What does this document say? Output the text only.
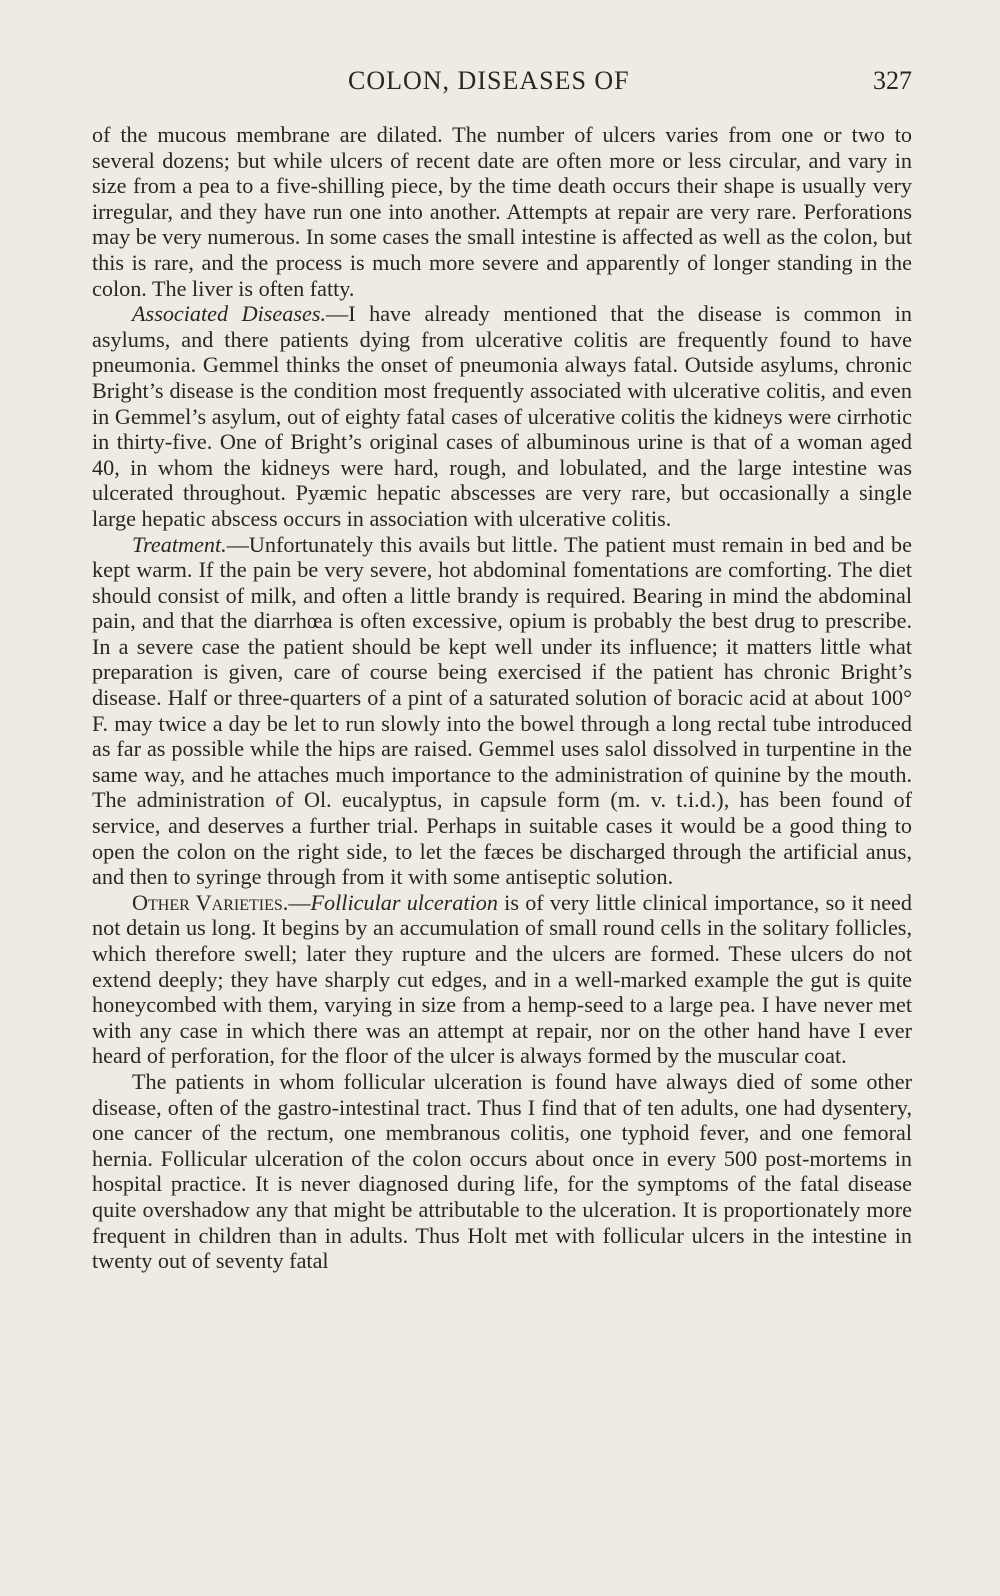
COLON, DISEASES OF	327

of the mucous membrane are dilated. The number of ulcers varies from one or two to several dozens; but while ulcers of recent date are often more or less circular, and vary in size from a pea to a five-shilling piece, by the time death occurs their shape is usually very irregular, and they have run one into another. Attempts at repair are very rare. Perforations may be very numerous. In some cases the small intestine is affected as well as the colon, but this is rare, and the process is much more severe and apparently of longer standing in the colon. The liver is often fatty.

Associated Diseases.—I have already mentioned that the disease is common in asylums, and there patients dying from ulcerative colitis are frequently found to have pneumonia. Gemmel thinks the onset of pneumonia always fatal. Outside asylums, chronic Bright’s disease is the condition most frequently associated with ulcerative colitis, and even in Gemmel’s asylum, out of eighty fatal cases of ulcerative colitis the kidneys were cirrhotic in thirty-five. One of Bright’s original cases of albuminous urine is that of a woman aged 40, in whom the kidneys were hard, rough, and lobulated, and the large intestine was ulcerated throughout. Pyæmic hepatic abscesses are very rare, but occasionally a single large hepatic abscess occurs in association with ulcerative colitis.

Treatment.—Unfortunately this avails but little. The patient must remain in bed and be kept warm. If the pain be very severe, hot abdominal fomentations are comforting. The diet should consist of milk, and often a little brandy is required. Bearing in mind the abdominal pain, and that the diarrhœa is often excessive, opium is probably the best drug to prescribe. In a severe case the patient should be kept well under its influence; it matters little what preparation is given, care of course being exercised if the patient has chronic Bright’s disease. Half or three-quarters of a pint of a saturated solution of boracic acid at about 100° F. may twice a day be let to run slowly into the bowel through a long rectal tube introduced as far as possible while the hips are raised. Gemmel uses salol dissolved in turpentine in the same way, and he attaches much importance to the administration of quinine by the mouth. The administration of Ol. eucalyptus, in capsule form (m. v. t.i.d.), has been found of service, and deserves a further trial. Perhaps in suitable cases it would be a good thing to open the colon on the right side, to let the fæces be discharged through the artificial anus, and then to syringe through from it with some antiseptic solution.

Other Varieties.—Follicular ulceration is of very little clinical importance, so it need not detain us long. It begins by an accumulation of small round cells in the solitary follicles, which therefore swell; later they rupture and the ulcers are formed. These ulcers do not extend deeply; they have sharply cut edges, and in a well-marked example the gut is quite honeycombed with them, varying in size from a hemp-seed to a large pea. I have never met with any case in which there was an attempt at repair, nor on the other hand have I ever heard of perforation, for the floor of the ulcer is always formed by the muscular coat.

The patients in whom follicular ulceration is found have always died of some other disease, often of the gastro-intestinal tract. Thus I find that of ten adults, one had dysentery, one cancer of the rectum, one membranous colitis, one typhoid fever, and one femoral hernia. Follicular ulceration of the colon occurs about once in every 500 post-mortems in hospital practice. It is never diagnosed during life, for the symptoms of the fatal disease quite overshadow any that might be attributable to the ulceration. It is proportionately more frequent in children than in adults. Thus Holt met with follicular ulcers in the intestine in twenty out of seventy fatal
